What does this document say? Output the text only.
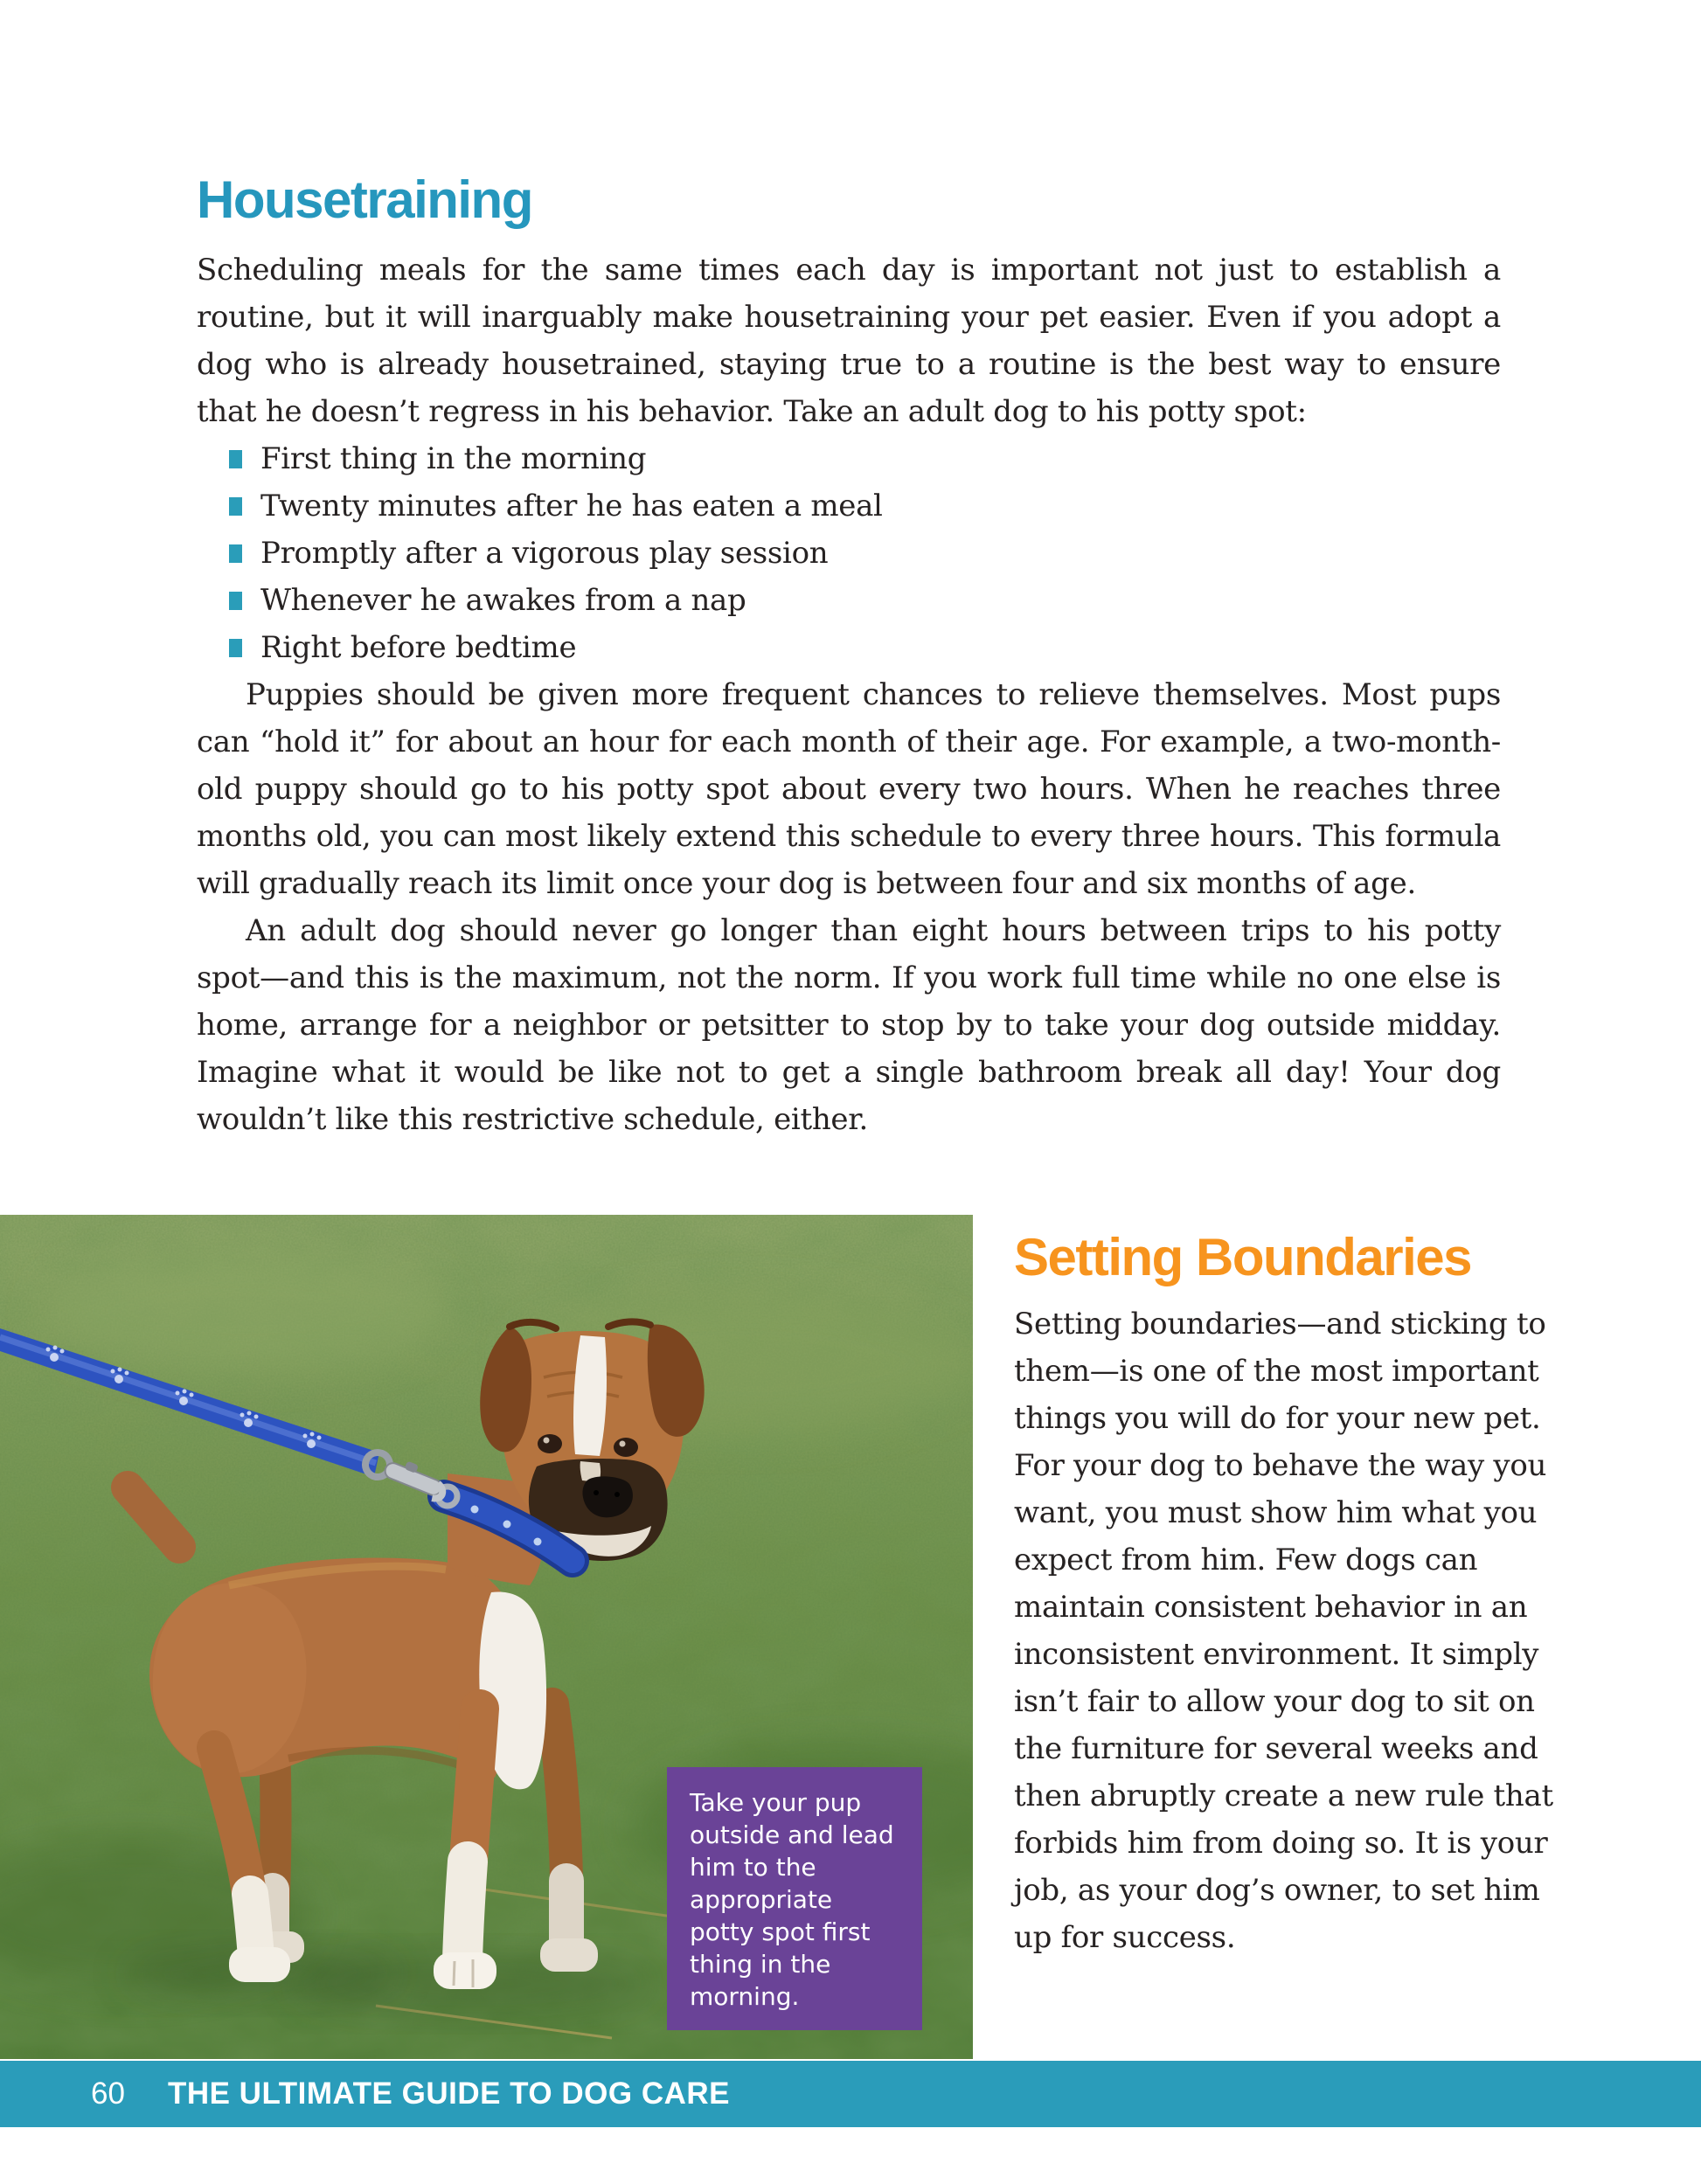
Housetraining

Scheduling meals for the same times each day is important not just to establish a routine, but it will inarguably make housetraining your pet easier. Even if you adopt a dog who is already housetrained, staying true to a routine is the best way to ensure that he doesn’t regress in his behavior. Take an adult dog to his potty spot:

First thing in the morning
Twenty minutes after he has eaten a meal
Promptly after a vigorous play session
Whenever he awakes from a nap
Right before bedtime

Puppies should be given more frequent chances to relieve themselves. Most pups can “hold it” for about an hour for each month of their age. For example, a two-month-old puppy should go to his potty spot about every two hours. When he reaches three months old, you can most likely extend this schedule to every three hours. This formula will gradually reach its limit once your dog is between four and six months of age.

An adult dog should never go longer than eight hours between trips to his potty spot—and this is the maximum, not the norm. If you work full time while no one else is home, arrange for a neighbor or petsitter to stop by to take your dog outside midday. Imagine what it would be like not to get a single bathroom break all day! Your dog wouldn’t like this restrictive schedule, either.

Take your pup outside and lead him to the appropriate potty spot first thing in the morning.
Setting Boundaries

Setting boundaries—and sticking to them—is one of the most important things you will do for your new pet. For your dog to behave the way you want, you must show him what you expect from him. Few dogs can maintain consistent behavior in an inconsistent environment. It simply isn’t fair to allow your dog to sit on the furniture for several weeks and then abruptly create a new rule that forbids him from doing so. It is your job, as your dog’s owner, to set him up for success.

60 THE ULTIMATE GUIDE TO DOG CARE
